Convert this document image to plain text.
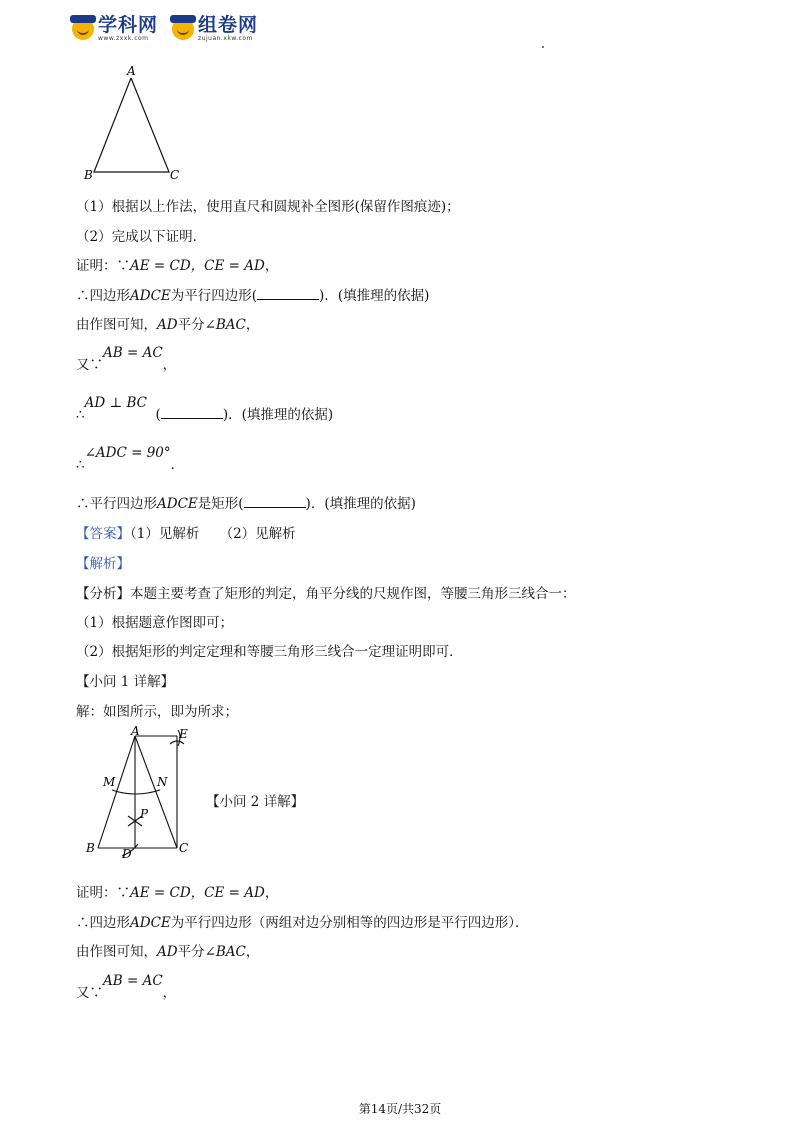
学科网
www.zxxk.com
组卷网
zujuan.xkw.com
A
B	C
（1）根据以上作法，使用直尺和圆规补全图形(保留作图痕迹)；
（2）完成以下证明．
证明：∵AE = CD，CE = AD，
∴四边形ADCE为平行四边形(	)．(填推理的依据)
由作图可知，AD平分∠BAC，
又∵AB = AC，
∴AD ⊥ BC  (	)．(填推理的依据)
∴∠ADC = 90°．
∴平行四边形ADCE是矩形(	)．(填推理的依据)
【答案】（1）见解析　　（2）见解析
【解析】
【分析】本题主要考查了矩形的判定，角平分线的尺规作图，等腰三角形三线合一：
（1）根据题意作图即可；
（2）根据矩形的判定定理和等腰三角形三线合一定理证明即可．
【小问 1 详解】
解：如图所示，即为所求；
A	E
M	N
P
B D	C
【小问 2 详解】
证明：∵AE = CD，CE = AD，
∴四边形ADCE为平行四边形（两组对边分别相等的四边形是平行四边形）．
由作图可知，AD平分∠BAC，
又∵AB = AC，
第14页/共32页
